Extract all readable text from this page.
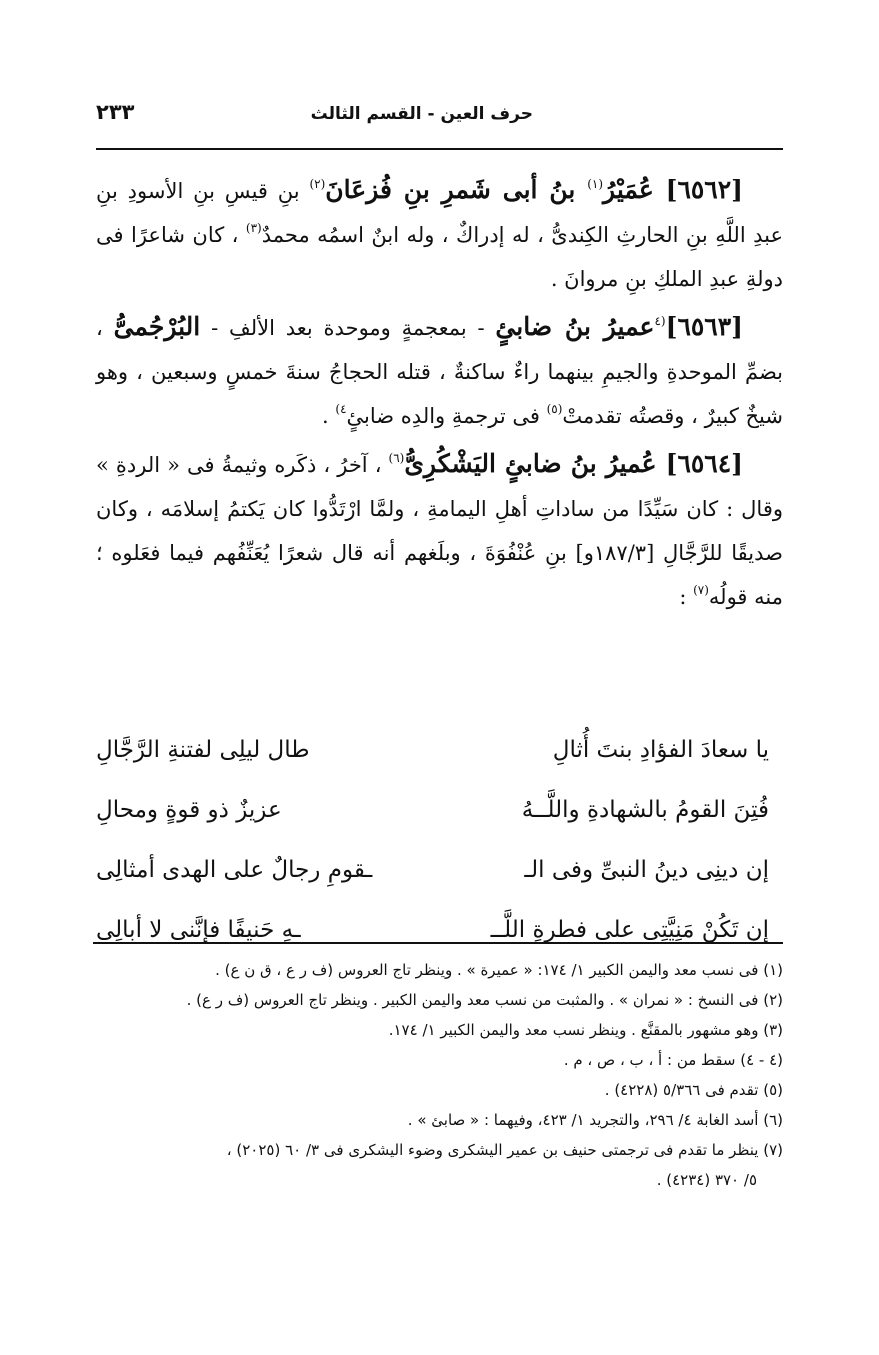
حرف العين - القسم الثالث
٢٣٣

[٦٥٦٢] عُمَيْرُ$^{(١)}$ بنُ أبى شَمرِ بنِ فُزعَانَ$^{(٢)}$ بنِ قيسِ بنِ الأسودِ بنِ عبدِ اللَّهِ بنِ الحارثِ الكِندىُّ ، له إدراكٌ ، وله ابنٌ اسمُه محمدٌ$^{(٣)}$ ، كان شاعرًا فى دولةِ عبدِ الملكِ بنِ مروانَ .

[٦٥٦٣]$^{(٤}$عميرُ بنُ ضابئٍ - بمعجمةٍ وموحدة بعد الألفِ - البُرْجُمىُّ ، بضمِّ الموحدةِ والجيمِ بينهما راءٌ ساكنةٌ ، قتله الحجاجُ سنةَ خمسٍ وسبعين ، وهو شيخٌ كبيرٌ ، وقصتُه تقدمتْ$^{(٥)}$ فى ترجمةِ والدِه ضابئٍ$^{٤)}$ .

[٦٥٦٤] عُميرُ بنُ ضابئٍ اليَشْكُرِىُّ$^{(٦)}$ ، آخرُ ، ذكَره وثيمةُ فى « الردةِ » وقال : كان سَيِّدًا من ساداتِ أهلِ اليمامةِ ، ولمَّا ارْتَدُّوا كان يَكتمُ إسلامَه ، وكان صديقًا للرَّجَّالِ [١٨٧/٣و] بنِ عُنْفُوَةَ ، وبلَغهم أنه قال شعرًا يُعَنِّفُهم فيما فعَلوه ؛ منه قولُه$^{(٧)}$ :

يا سعادَ الفؤادِ بنتَ أُثالِ
طال ليلِى لفتنةِ الرَّجَّالِ
فُتِنَ القومُ بالشهادةِ واللَّــهُ
عزيزٌ ذو قوةٍ ومحالِ
إن دينِى دينُ النبىِّ وفى الـ
ـقومِ رجالٌ على الهدى أمثالِى
إن تَكُنْ مَنِيَّتِى على فطرةِ اللَّــ
ـهِ حَنيفًا فإنَّنى لا أبالِى

(١) فى نسب معد واليمن الكبير ١/ ١٧٤: « عميرة » . وينظر تاج العروس (ف ر ع ، ق ن ع) .

(٢) فى النسخ : « نمران » . والمثبت من نسب معد واليمن الكبير . وينظر تاج العروس (ف ر ع) .

(٣) وهو مشهور بالمقنَّع . وينظر نسب معد واليمن الكبير ١/ ١٧٤.

(٤ - ٤) سقط من : أ ، ب ، ص ، م .

(٥) تقدم فى ٥/٣٦٦ (٤٢٢٨) .

(٦) أسد الغابة ٤/ ٢٩٦، والتجريد ١/ ٤٢٣، وفيهما : « صابئ » .

(٧) ينظر ما تقدم فى ترجمتى حنيف بن عمير اليشكرى وضوء اليشكرى فى ٣/ ٦٠ (٢٠٢٥) ،

٥/ ٣٧٠ (٤٢٣٤) .
